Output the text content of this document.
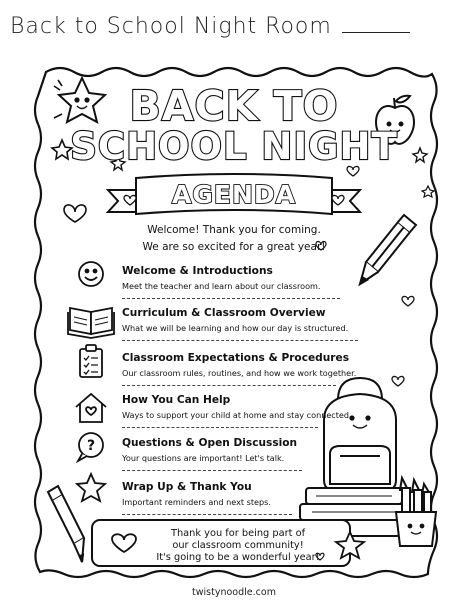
Back to School Night Room
?
BACK TO
SCHOOL NIGHT
AGENDA
Welcome! Thank you for coming.
We are so excited for a great year!
Welcome & Introductions
Meet the teacher and learn about our classroom.
Curriculum & Classroom Overview
What we will be learning and how our day is structured.
Classroom Expectations & Procedures
Our classroom rules, routines, and how we work together.
How You Can Help
Ways to support your child at home and stay connected.
Questions & Open Discussion
Your questions are important! Let's talk.
Wrap Up & Thank You
Important reminders and next steps.
Thank you for being part of
our classroom community!
It's going to be a wonderful year!
twistynoodle.com
